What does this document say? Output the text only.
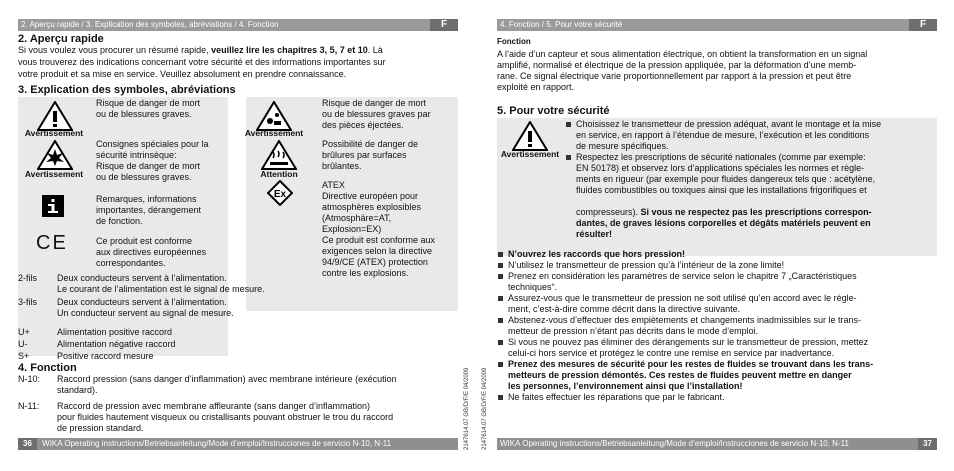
2. Aperçu rapide / 3. Explication des symboles, abréviations / 4. Fonction	F
2. Aperçu rapide
Si vous voulez vous procurer un résumé rapide, veuillez lire les chapitres 3, 5, 7 et 10. Là
vous trouverez des indications concernant votre sécurité et des informations importantes sur
votre produit et sa mise en service. Veuillez absolument en prendre connaissance.
3. Explication des symboles, abréviations
Avertissement
Risque de danger de mort
ou de blessures graves.
Avertissement
Consignes spéciales pour la
sécurité intrinsèque:
Risque de danger de mort
ou de blessures graves.
Remarques, informations
importantes, dérangement
de fonction.
CE	Ce produit est conforme
aux directives européennes
correspondantes.
Avertissement
Risque de danger de mort
ou de blessures graves par
des pièces éjectées.
Attention
Possibilité de danger de
brûlures par surfaces
brûlantes.
Ex
ATEX
Directive européen pour
atmosphères explosibles
(Atmosphäre=AT,
Explosion=EX)
Ce produit est conforme aux
exigences selon la directive
94/9/CE (ATEX) protection
contre les explosions.
2-fils Deux conducteurs servent à l’alimentation.
Le courant de l’alimentation est le signal de mesure.
3-fils Deux conducteurs servent à l’alimentation.
Un conducteur servent au signal de mesure.
U+	Alimentation positive raccord
U-	Alimentation négative raccord
S+	Positive raccord mesure
4. Fonction
N-10: Raccord pression (sans danger d’inflammation) avec membrane intérieure (exécution
standard).
N-11: Raccord de pression avec membrane affleurante (sans danger d’inflammation)
pour fluides hautement visqueux ou cristallisants pouvant obstruer le trou du raccord
de pression standard.
36 WIKA Operating instructions/Betriebsanleitung/Mode d’emploi/Instrucciones de servicio N-10, N-11	2147614.07 GB/D/F/E 04/2009 2147614.07 GB/D/F/E 04/2009
4. Fonction / 5. Pour votre sécurité	F
Fonction
A l’aide d’un capteur et sous alimentation électrique, on obtient la transformation en un signal
amplifié, normalisé et électrique de la pression appliquée, par la déformation d’une memb-
rane. Ce signal électrique varie proportionnellement par rapport à la pression et peut être
exploité en rapport.
5. Pour votre sécurité
Avertissement
Choisissez le transmetteur de pression adéquat, avant le montage et la mise
en service, en rapport à l’étendue de mesure, l’exécution et les conditions
de mesure spécifiques.
Respectez les prescriptions de sécurité nationales (comme par exemple:
EN 50178) et observez lors d’applications spéciales les normes et règle-
ments en rigueur (par exemple pour fluides dangereux tels que : acétylène,
fluides combustibles ou toxiques ainsi que les installations frigorifiques et
compresseurs). Si vous ne respectez pas les prescriptions correspon-
dantes, de graves lésions corporelles et dégâts matériels peuvent en
résulter!
N’ouvrez les raccords que hors pression!
N’utilisez le transmetteur de pression qu’à l’intérieur de la zone limite!
Prenez en considération les paramètres de service selon le chapitre 7 „Caractéristiques
techniques“.
Assurez-vous que le transmetteur de pression ne soit utilisé qu’en accord avec le règle-
ment, c’est-à-dire comme décrit dans la directive suivante.
Abstenez-vous d’effectuer des empiètements et changements inadmissibles sur le trans-
metteur de pression n’étant pas décrits dans le mode d’emploi.
Si vous ne pouvez pas éliminer des dérangements sur le transmetteur de pression, mettez
celui-ci hors service et protégez le contre une remise en service par inadvertance.
Prenez des mesures de sécurité pour les restes de fluides se trouvant dans les trans-
metteurs de pression démontés. Ces restes de fluides peuvent mettre en danger
les personnes, l’environnement ainsi que l’installation!
Ne faites effectuer les réparations que par le fabricant.
WIKA Operating instructions/Betriebsanleitung/Mode d’emploi/Instrucciones de servicio N-10, N-11	37
